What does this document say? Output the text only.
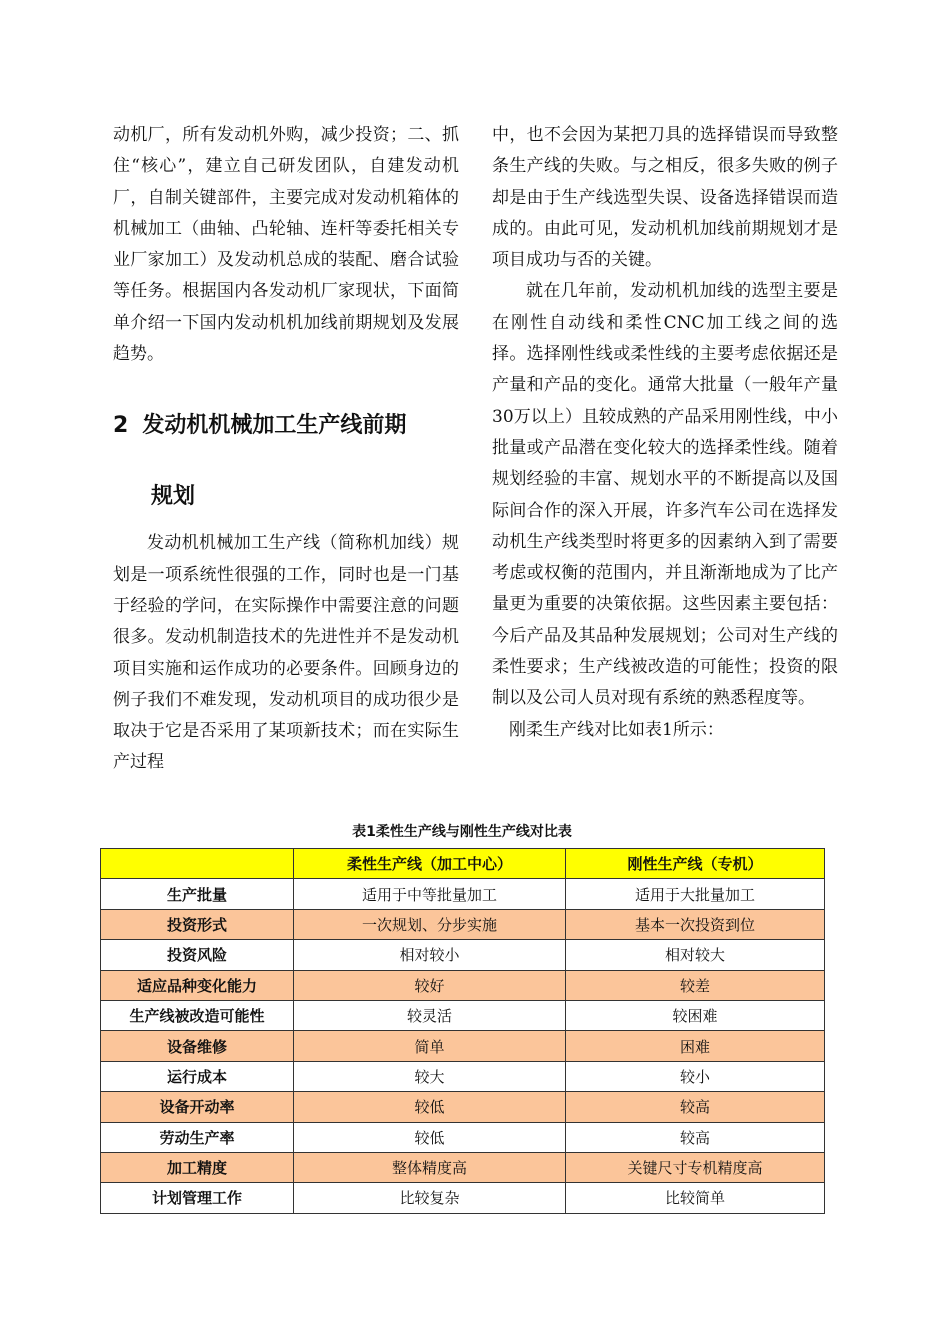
动机厂，所有发动机外购，减少投资；二、抓住“核心”，建立自己研发团队，自建发动机厂，自制关键部件，主要完成对发动机箱体的机械加工（曲轴、凸轮轴、连杆等委托相关专业厂家加工）及发动机总成的装配、磨合试验等任务。根据国内各发动机厂家现状，下面简单介绍一下国内发动机机加线前期规划及发展趋势。

2 发动机机械加工生产线前期
规划

发动机机械加工生产线（简称机加线）规划是一项系统性很强的工作，同时也是一门基于经验的学问，在实际操作中需要注意的问题很多。发动机制造技术的先进性并不是发动机项目实施和运作成功的必要条件。回顾身边的例子我们不难发现，发动机项目的成功很少是取决于它是否采用了某项新技术；而在实际生产过程

中，也不会因为某把刀具的选择错误而导致整条生产线的失败。与之相反，很多失败的例子却是由于生产线选型失误、设备选择错误而造成的。由此可见，发动机机加线前期规划才是项目成功与否的关键。

就在几年前，发动机机加线的选型主要是在刚性自动线和柔性CNC加工线之间的选择。选择刚性线或柔性线的主要考虑依据还是产量和产品的变化。通常大批量（一般年产量30万以上）且较成熟的产品采用刚性线，中小批量或产品潜在变化较大的选择柔性线。随着规划经验的丰富、规划水平的不断提高以及国际间合作的深入开展，许多汽车公司在选择发动机生产线类型时将更多的因素纳入到了需要考虑或权衡的范围内，并且渐渐地成为了比产量更为重要的决策依据。这些因素主要包括：今后产品及其品种发展规划；公司对生产线的柔性要求；生产线被改造的可能性；投资的限制以及公司人员对现有系统的熟悉程度等。

刚柔生产线对比如表1所示：

表1柔性生产线与刚性生产线对比表
	柔性生产线（加工中心）	刚性生产线（专机）
生产批量	适用于中等批量加工	适用于大批量加工
投资形式	一次规划、分步实施	基本一次投资到位
投资风险	相对较小	相对较大
适应品种变化能力	较好	较差
生产线被改造可能性	较灵活	较困难
设备维修	简单	困难
运行成本	较大	较小
设备开动率	较低	较高
劳动生产率	较低	较高
加工精度	整体精度高	关键尺寸专机精度高
计划管理工作	比较复杂	比较简单
